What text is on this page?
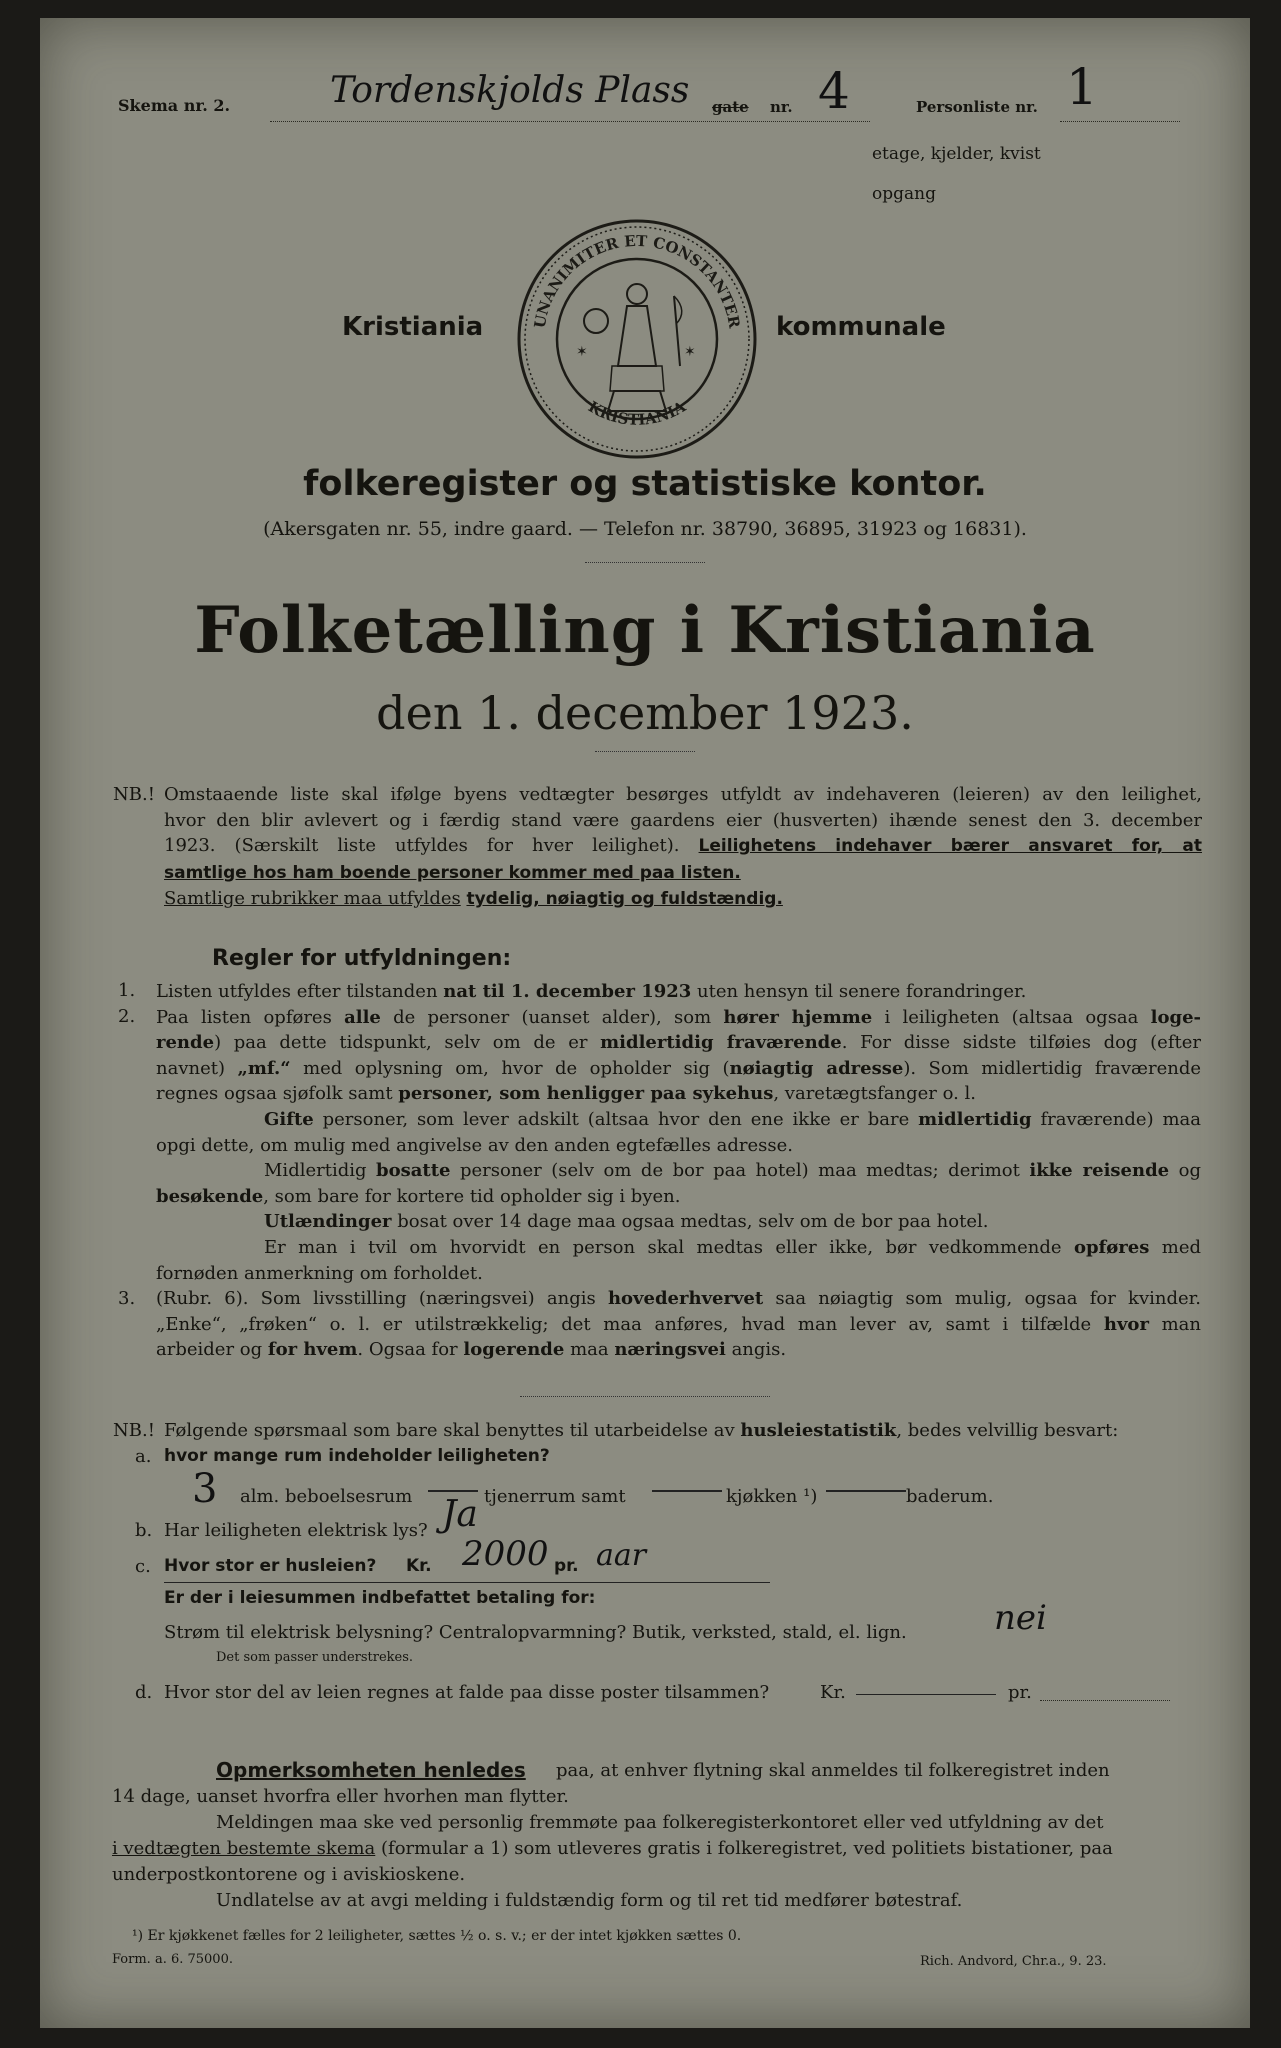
Skema nr. 2.	Tordenskjolds Plass gate nr. 4	Personliste nr. 1
etage, kjelder, kvist
opgang
Kristiania	kommunale
UNANIMITER ET CONSTANTER
KRISTIANIA
✶	✶
folkeregister og statistiske kontor.
(Akersgaten nr. 55, indre gaard. — Telefon nr. 38790, 36895, 31923 og 16831).
Folketælling i Kristiania
den 1. december 1923.
NB.! Omstaaende liste skal ifølge byens vedtægter besørges utfyldt av indehaveren (leieren) av den leilighet,
hvor den blir avlevert og i færdig stand være gaardens eier (husverten) ihænde senest den 3. december
1923. (Særskilt liste utfyldes for hver leilighet). Leilighetens indehaver bærer ansvaret for, at
samtlige hos ham boende personer kommer med paa listen.
Samtlige rubrikker maa utfyldes tydelig, nøiagtig og fuldstændig.
Regler for utfyldningen:
1.
2.
3.
Listen utfyldes efter tilstanden nat til 1. december 1923 uten hensyn til senere forandringer.
Paa listen opføres alle de personer (uanset alder), som hører hjemme i leiligheten (altsaa ogsaa loge-
rende) paa dette tidspunkt, selv om de er midlertidig fraværende. For disse sidste tilføies dog (efter
navnet) „mf.“ med oplysning om, hvor de opholder sig (nøiagtig adresse). Som midlertidig fraværende
regnes ogsaa sjøfolk samt personer, som henligger paa sykehus, varetægtsfanger o. l.
Gifte personer, som lever adskilt (altsaa hvor den ene ikke er bare midlertidig fraværende) maa
opgi dette, om mulig med angivelse av den anden egtefælles adresse.
Midlertidig bosatte personer (selv om de bor paa hotel) maa medtas; derimot ikke reisende og
besøkende, som bare for kortere tid opholder sig i byen.
Utlændinger bosat over 14 dage maa ogsaa medtas, selv om de bor paa hotel.
Er man i tvil om hvorvidt en person skal medtas eller ikke, bør vedkommende opføres med
fornøden anmerkning om forholdet.
(Rubr. 6). Som livsstilling (næringsvei) angis hovederhvervet saa nøiagtig som mulig, ogsaa for kvinder.
„Enke“, „frøken“ o. l. er utilstrækkelig; det maa anføres, hvad man lever av, samt i tilfælde hvor man
arbeider og for hvem. Ogsaa for logerende maa næringsvei angis.
NB.! Følgende spørsmaal som bare skal benyttes til utarbeidelse av husleiestatistik, bedes velvillig besvart:
a. hvor mange rum indeholder leiligheten?
3 alm. beboelsesrum	tjenerrum samt	kjøkken ¹)	baderum.
b. Har leiligheten elektrisk lys? Ja
c. Hvor stor er husleien? Kr. 2000 pr. aar
Er der i leiesummen indbefattet betaling for:
Strøm til elektrisk belysning? Centralopvarmning? Butik, verksted, stald, el. lign.	nei
Det som passer understrekes.
d. Hvor stor del av leien regnes at falde paa disse poster tilsammen?	Kr.	pr.
Opmerksomheten henledes paa, at enhver flytning skal anmeldes til folkeregistret inden
14 dage, uanset hvorfra eller hvorhen man flytter.
Meldingen maa ske ved personlig fremmøte paa folkeregisterkontoret eller ved utfyldning av det
i vedtægten bestemte skema (formular a 1) som utleveres gratis i folkeregistret, ved politiets bistationer, paa
underpostkontorene og i aviskioskene.
Undlatelse av at avgi melding i fuldstændig form og til ret tid medfører bøtestraf.
¹) Er kjøkkenet fælles for 2 leiligheter, sættes ½ o. s. v.; er der intet kjøkken sættes 0.
Form. a. 6. 75000.	Rich. Andvord, Chr.a., 9. 23.
